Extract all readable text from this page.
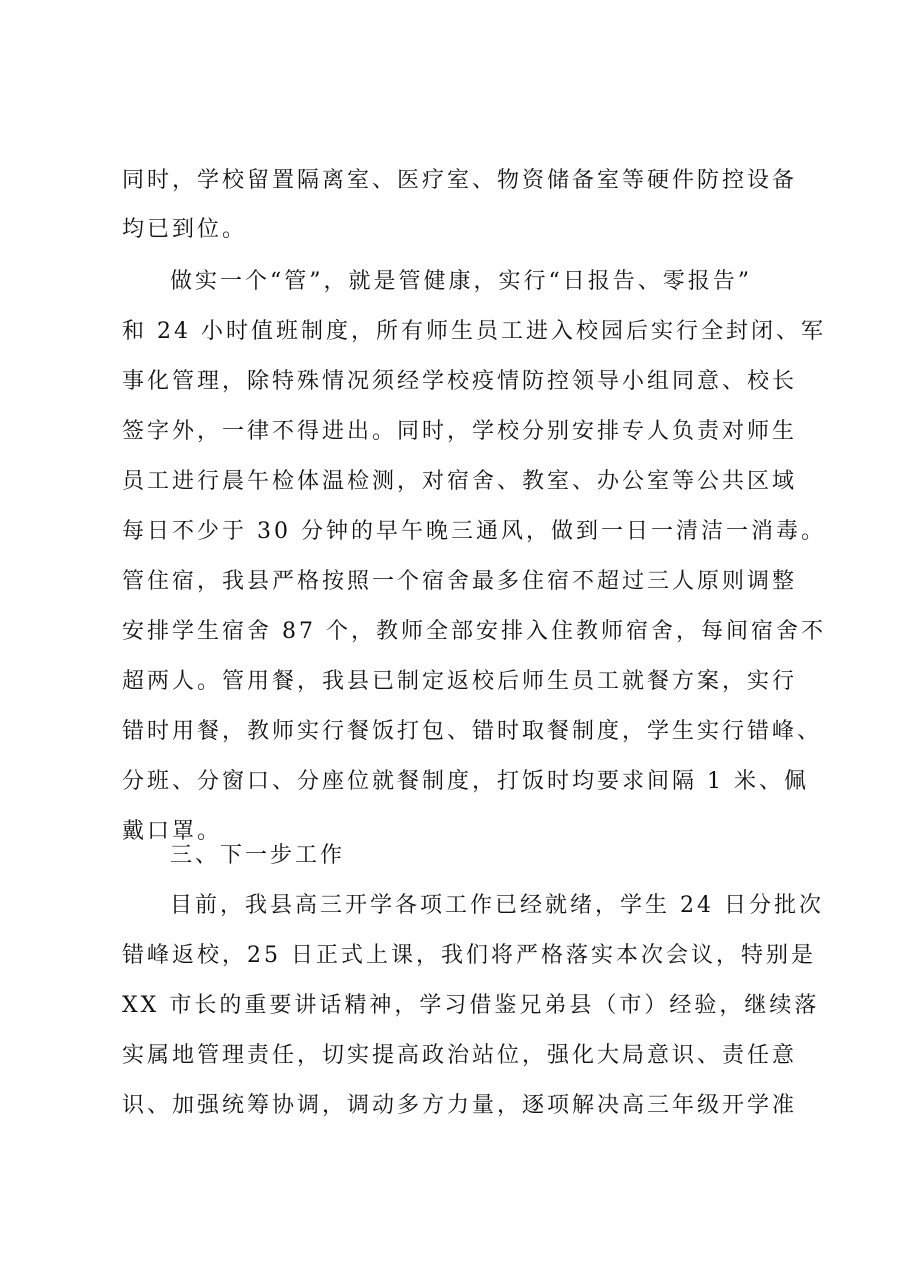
同时，学校留置隔离室、医疗室、物资储备室等硬件防控设备
均已到位。
做实一个“管”，就是管健康，实行“日报告、零报告”
和 24 小时值班制度，所有师生员工进入校园后实行全封闭、军
事化管理，除特殊情况须经学校疫情防控领导小组同意、校长
签字外，一律不得进出。同时，学校分别安排专人负责对师生
员工进行晨午检体温检测，对宿舍、教室、办公室等公共区域
每日不少于 30 分钟的早午晚三通风，做到一日一清洁一消毒。
管住宿，我县严格按照一个宿舍最多住宿不超过三人原则调整
安排学生宿舍 87 个，教师全部安排入住教师宿舍，每间宿舍不
超两人。管用餐，我县已制定返校后师生员工就餐方案，实行
错时用餐，教师实行餐饭打包、错时取餐制度，学生实行错峰、
分班、分窗口、分座位就餐制度，打饭时均要求间隔 1 米、佩
戴口罩。
三、下一步工作
目前，我县高三开学各项工作已经就绪，学生 24 日分批次
错峰返校，25 日正式上课，我们将严格落实本次会议，特别是
XX 市长的重要讲话精神，学习借鉴兄弟县（市）经验，继续落
实属地管理责任，切实提高政治站位，强化大局意识、责任意
识、加强统筹协调，调动多方力量，逐项解决高三年级开学准
